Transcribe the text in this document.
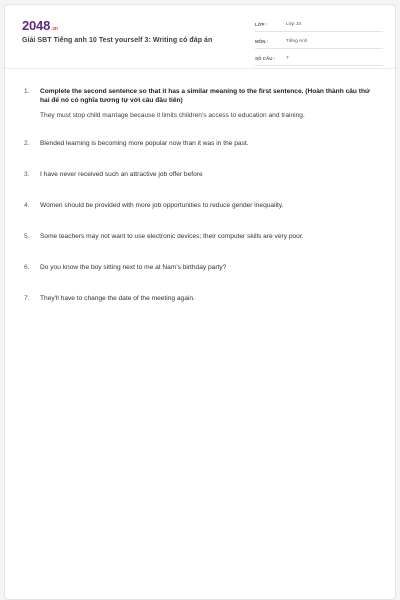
2048 .vn
Giải SBT Tiếng anh 10 Test yourself 3: Writing có đáp án
LỚP :	Lớp 10
MÔN :	Tiếng Anh
SỐ CÂU :	7
1.	Complete the second sentence so that it has a similar meaning to the first sentence. (Hoàn thành câu thứ hai để nó có nghĩa tương tự với câu đầu tiên)
They must stop child marriage because it limits children's access to education and training.
2.	Blended learning is becoming more popular now than it was in the past.
3.	I have never received such an attractive job offer before
4.	Women should be provided with more job opportunities to reduce gender inequality.
5.	Some teachers may not want to use electronic devices; their computer skills are very poor.
6.	Do you know the boy sitting next to me at Nam's birthday party?
7.	They'll have to change the date of the meeting again.
